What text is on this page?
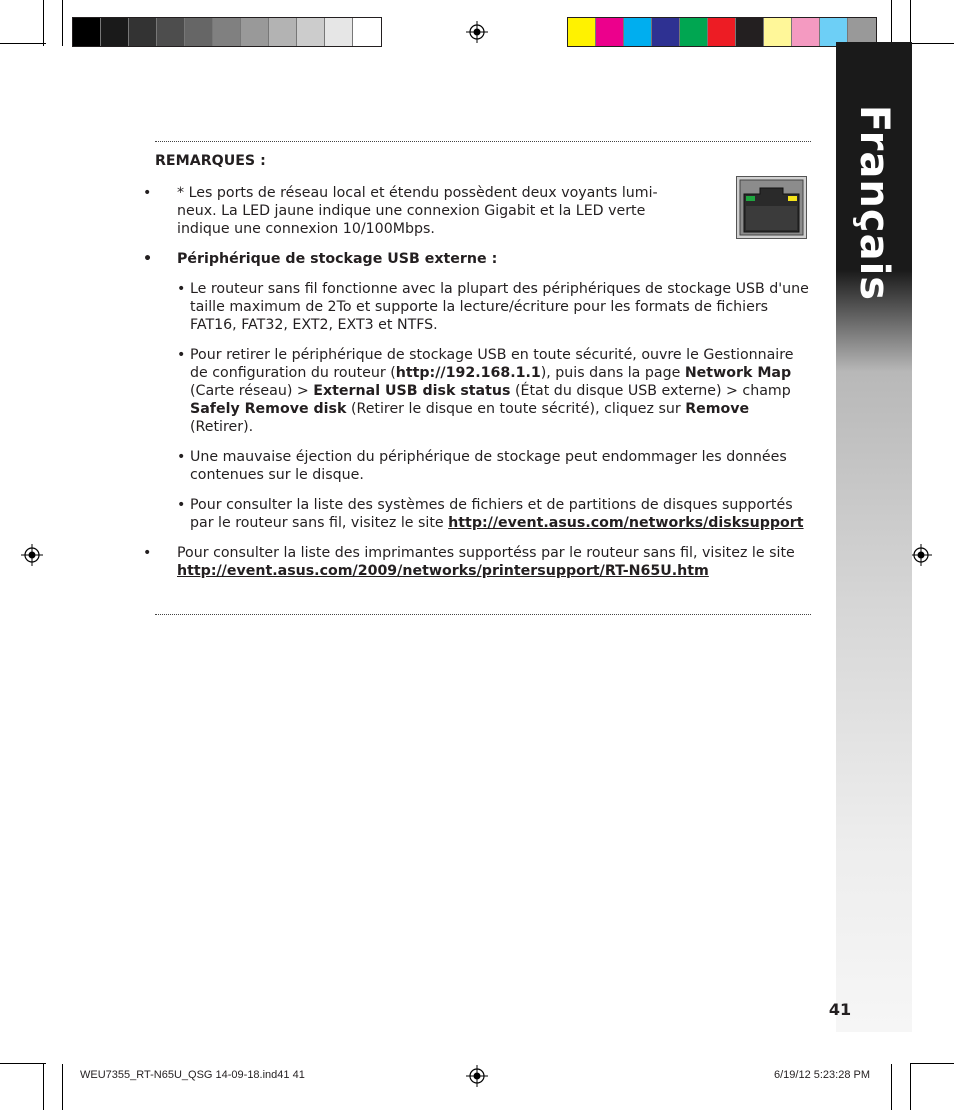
Français
REMARQUES :
• * Les ports de réseau local et étendu possèdent deux voyants lumi-neux. La LED jaune indique une connexion Gigabit et la LED verte indique une connexion 10/100Mbps.
• Périphérique de stockage USB externe :
• Le routeur sans fil fonctionne avec la plupart des périphériques de stockage USB d'une taille maximum de 2To et supporte la lecture/écriture pour les formats de fichiers FAT16, FAT32, EXT2, EXT3 et NTFS.
• Pour retirer le périphérique de stockage USB en toute sécurité, ouvre le Gestionnaire de configuration du routeur (http://192.168.1.1), puis dans la page Network Map (Carte réseau) > External USB disk status (État du disque USB externe) > champ Safely Remove disk (Retirer le disque en toute sécrité), cliquez sur Remove (Retirer).
• Une mauvaise éjection du périphérique de stockage peut endommager les données contenues sur le disque.
• Pour consulter la liste des systèmes de fichiers et de partitions de disques supportés par le routeur sans fil, visitez le site http://event.asus.com/networks/disksupport
• Pour consulter la liste des imprimantes supportéss par le routeur sans fil, visitez le site http://event.asus.com/2009/networks/printersupport/RT-N65U.htm
41
WEU7355_RT-N65U_QSG 14-09-18.ind41 41	6/19/12 5:23:28 PM
